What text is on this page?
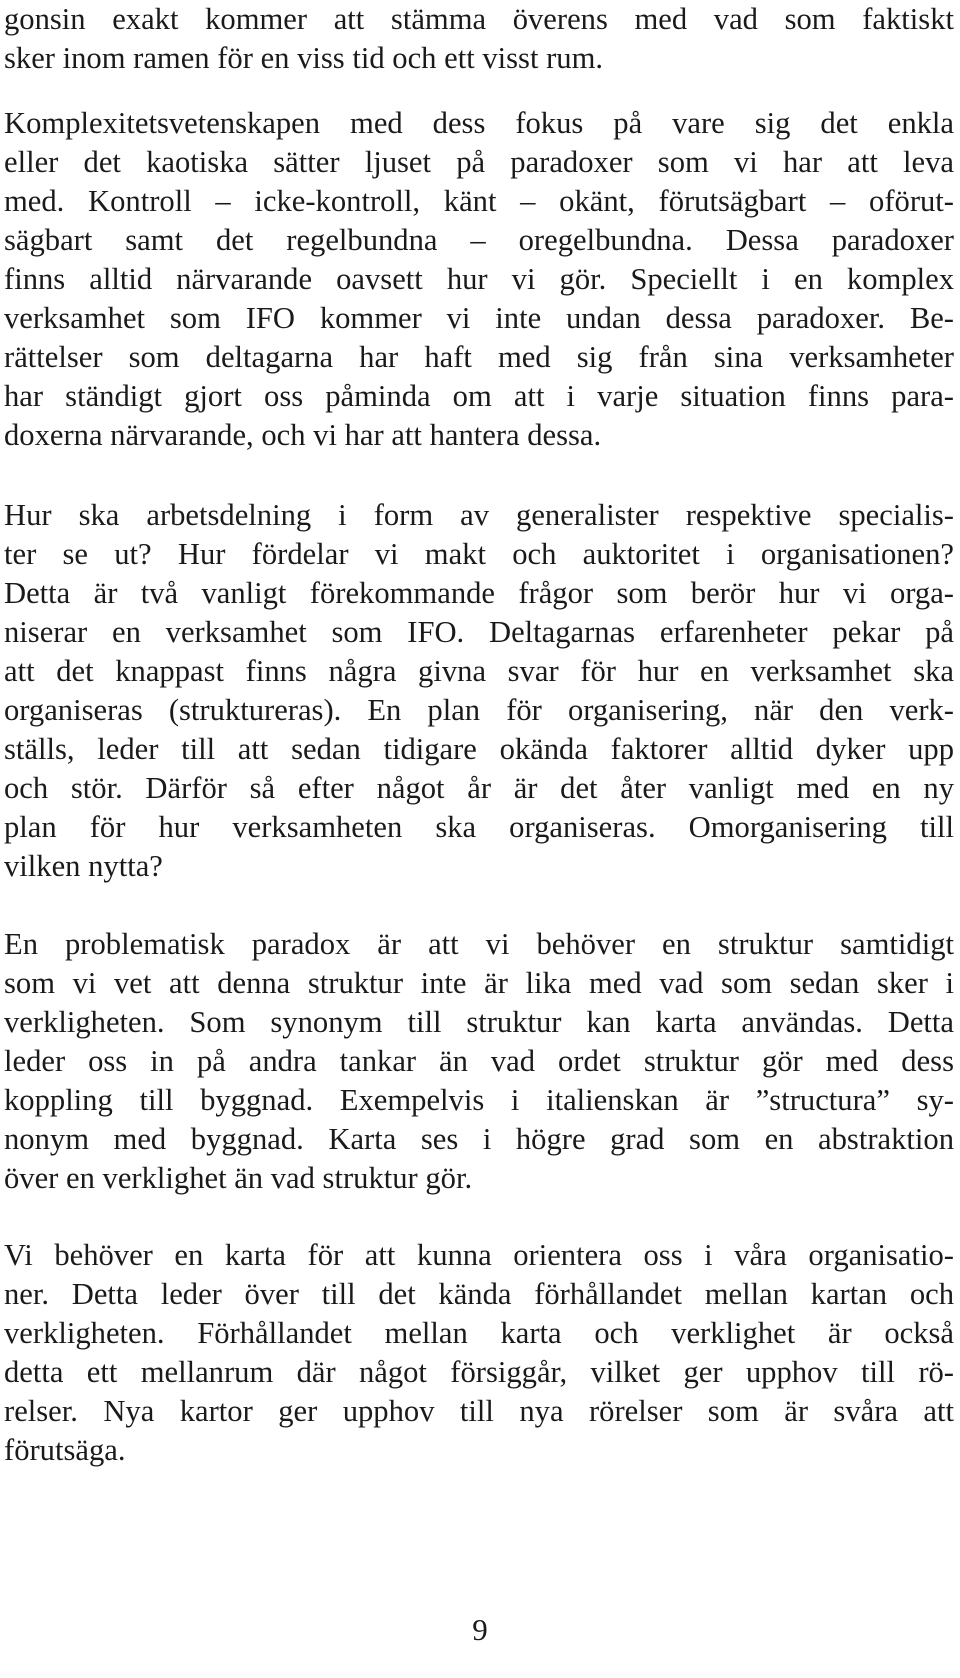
gonsin exakt kommer att stämma överens med vad som faktiskt
sker inom ramen för en viss tid och ett visst rum.

Komplexitetsvetenskapen med dess fokus på vare sig det enkla
eller det kaotiska sätter ljuset på paradoxer som vi har att leva
med. Kontroll – icke-kontroll, känt – okänt, förutsägbart – oförut-
sägbart samt det regelbundna – oregelbundna. Dessa paradoxer
finns alltid närvarande oavsett hur vi gör. Speciellt i en komplex
verksamhet som IFO kommer vi inte undan dessa paradoxer. Be-
rättelser som deltagarna har haft med sig från sina verksamheter
har ständigt gjort oss påminda om att i varje situation finns para-
doxerna närvarande, och vi har att hantera dessa.

Hur ska arbetsdelning i form av generalister respektive specialis-
ter se ut? Hur fördelar vi makt och auktoritet i organisationen?
Detta är två vanligt förekommande frågor som berör hur vi orga-
niserar en verksamhet som IFO. Deltagarnas erfarenheter pekar på
att det knappast finns några givna svar för hur en verksamhet ska
organiseras (struktureras). En plan för organisering, när den verk-
ställs, leder till att sedan tidigare okända faktorer alltid dyker upp
och stör. Därför så efter något år är det åter vanligt med en ny
plan för hur verksamheten ska organiseras. Omorganisering till
vilken nytta?

En problematisk paradox är att vi behöver en struktur samtidigt
som vi vet att denna struktur inte är lika med vad som sedan sker i
verkligheten. Som synonym till struktur kan karta användas. Detta
leder oss in på andra tankar än vad ordet struktur gör med dess
koppling till byggnad. Exempelvis i italienskan är ”structura” sy-
nonym med byggnad. Karta ses i högre grad som en abstraktion
över en verklighet än vad struktur gör.

Vi behöver en karta för att kunna orientera oss i våra organisatio-
ner. Detta leder över till det kända förhållandet mellan kartan och
verkligheten. Förhållandet mellan karta och verklighet är också
detta ett mellanrum där något försiggår, vilket ger upphov till rö-
relser. Nya kartor ger upphov till nya rörelser som är svåra att
förutsäga.

9
